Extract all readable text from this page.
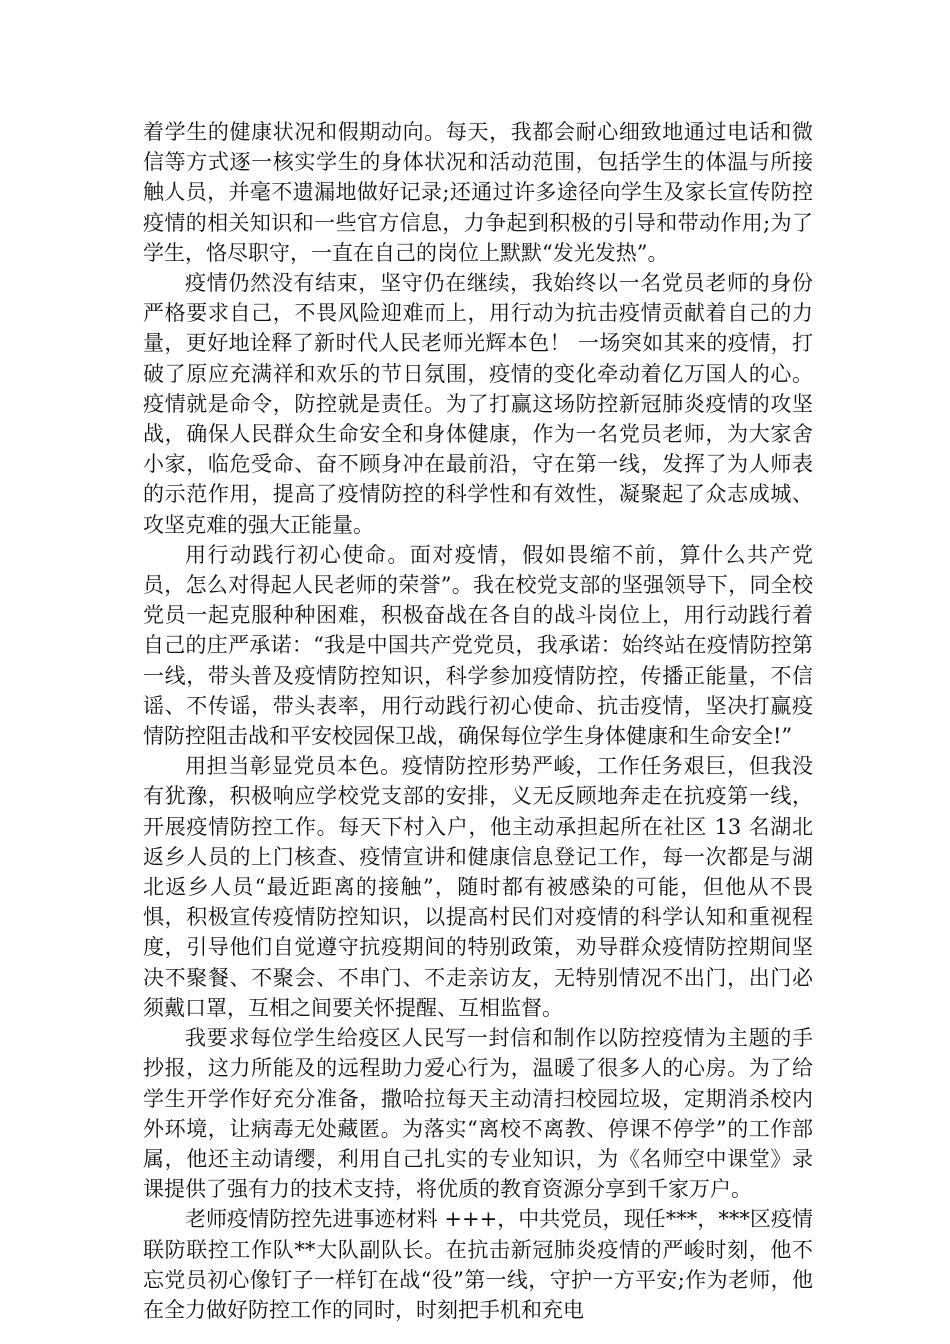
着学生的健康状况和假期动向。每天，我都会耐心细致地通过电话和微信等方式逐一核实学生的身体状况和活动范围，包括学生的体温与所接触人员，并毫不遗漏地做好记录;还通过许多途径向学生及家长宣传防控疫情的相关知识和一些官方信息，力争起到积极的引导和带动作用;为了学生，恪尽职守，一直在自己的岗位上默默“发光发热”。

疫情仍然没有结束，坚守仍在继续，我始终以一名党员老师的身份严格要求自己，不畏风险迎难而上，用行动为抗击疫情贡献着自己的力量，更好地诠释了新时代人民老师光辉本色！ 一场突如其来的疫情，打破了原应充满祥和欢乐的节日氛围，疫情的变化牵动着亿万国人的心。疫情就是命令，防控就是责任。为了打赢这场防控新冠肺炎疫情的攻坚战，确保人民群众生命安全和身体健康，作为一名党员老师，为大家舍小家，临危受命、奋不顾身冲在最前沿，守在第一线，发挥了为人师表的示范作用，提高了疫情防控的科学性和有效性，凝聚起了众志成城、攻坚克难的强大正能量。

用行动践行初心使命。面对疫情，假如畏缩不前，算什么共产党员，怎么对得起人民老师的荣誉”。我在校党支部的坚强领导下，同全校党员一起克服种种困难，积极奋战在各自的战斗岗位上，用行动践行着自己的庄严承诺：“我是中国共产党党员，我承诺：始终站在疫情防控第一线，带头普及疫情防控知识，科学参加疫情防控，传播正能量，不信谣、不传谣，带头表率，用行动践行初心使命、抗击疫情，坚决打赢疫情防控阻击战和平安校园保卫战，确保每位学生身体健康和生命安全!”

用担当彰显党员本色。疫情防控形势严峻，工作任务艰巨，但我没有犹豫，积极响应学校党支部的安排，义无反顾地奔走在抗疫第一线，开展疫情防控工作。每天下村入户，他主动承担起所在社区 13 名湖北返乡人员的上门核查、疫情宣讲和健康信息登记工作，每一次都是与湖北返乡人员“最近距离的接触”，随时都有被感染的可能，但他从不畏惧，积极宣传疫情防控知识，以提高村民们对疫情的科学认知和重视程度，引导他们自觉遵守抗疫期间的特别政策，劝导群众疫情防控期间坚决不聚餐、不聚会、不串门、不走亲访友，无特别情况不出门，出门必须戴口罩，互相之间要关怀提醒、互相监督。

我要求每位学生给疫区人民写一封信和制作以防控疫情为主题的手抄报，这力所能及的远程助力爱心行为，温暖了很多人的心房。为了给学生开学作好充分准备，撒哈拉每天主动清扫校园垃圾，定期消杀校内外环境，让病毒无处藏匿。为落实“离校不离教、停课不停学”的工作部属，他还主动请缨，利用自己扎实的专业知识，为《名师空中课堂》录课提供了强有力的技术支持，将优质的教育资源分享到千家万户。

老师疫情防控先进事迹材料 +++，中共党员，现任***，***区疫情联防联控工作队**大队副队长。在抗击新冠肺炎疫情的严峻时刻，他不忘党员初心像钉子一样钉在战“役”第一线，守护一方平安;作为老师，他在全力做好防控工作的同时，时刻把手机和充电
